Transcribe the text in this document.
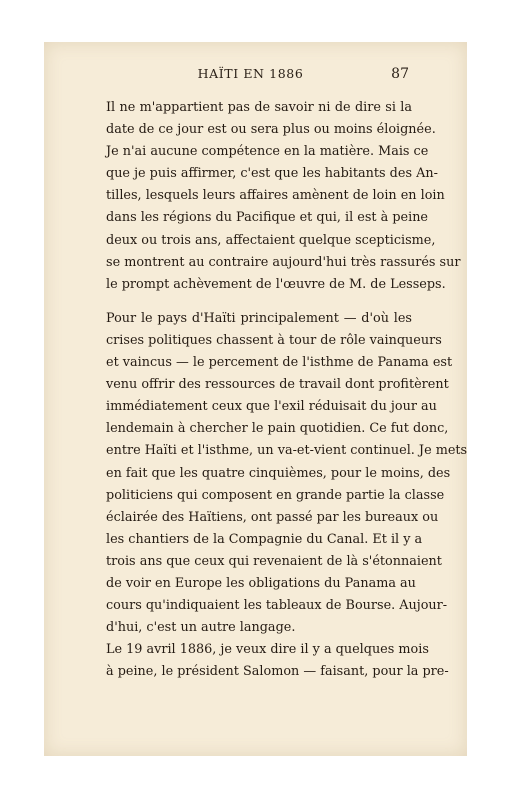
HAÏTI EN 1886	87
Il ne m'appartient pas de savoir ni de dire si la
date de ce jour est ou sera plus ou moins éloignée.
Je n'ai aucune compétence en la matière. Mais ce
que je puis affirmer, c'est que les habitants des An-
tilles, lesquels leurs affaires amènent de loin en loin
dans les régions du Pacifique et qui, il est à peine
deux ou trois ans, affectaient quelque scepticisme,
se montrent au contraire aujourd'hui très rassurés sur
le prompt achèvement de l'œuvre de M. de Lesseps.
Pour le pays d'Haïti principalement — d'où les
crises politiques chassent à tour de rôle vainqueurs
et vaincus — le percement de l'isthme de Panama est
venu offrir des ressources de travail dont profitèrent
immédiatement ceux que l'exil réduisait du jour au
lendemain à chercher le pain quotidien. Ce fut donc,
entre Haïti et l'isthme, un va-et-vient continuel. Je mets
en fait que les quatre cinquièmes, pour le moins, des
politiciens qui composent en grande partie la classe
éclairée des Haïtiens, ont passé par les bureaux ou
les chantiers de la Compagnie du Canal. Et il y a
trois ans que ceux qui revenaient de là s'étonnaient
de voir en Europe les obligations du Panama au
cours qu'indiquaient les tableaux de Bourse. Aujour-
d'hui, c'est un autre langage.
Le 19 avril 1886, je veux dire il y a quelques mois
à peine, le président Salomon — faisant, pour la pre-
